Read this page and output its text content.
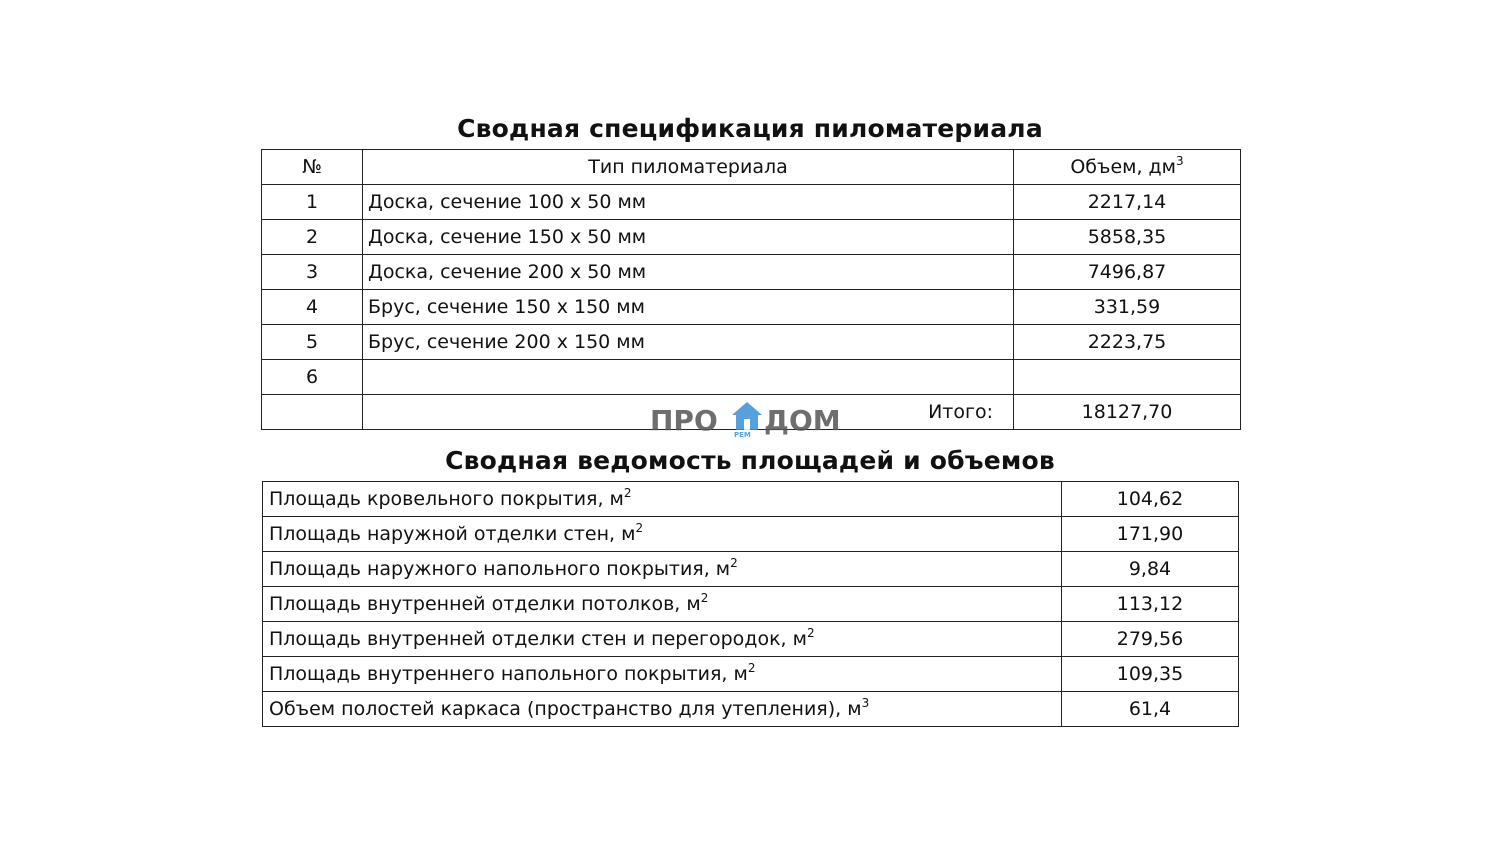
Сводная спецификация пиломатериала
№	Тип пиломатериала	Объем, $дм^3$
1	Доска, сечение 100 х 50 мм	2217,14
2	Доска, сечение 150 х 50 мм	5858,35
3	Доска, сечение 200 х 50 мм	7496,87
4	Брус, сечение 150 х 150 мм	331,59
5	Брус, сечение 200 х 150 мм	2223,75
6		
	Итого:	18127,70
ПРО РЕМ ДОМ
Сводная ведомость площадей и объемов
Площадь кровельного покрытия, $м^2$	104,62
Площадь наружной отделки стен, $м^2$	171,90
Площадь наружного напольного покрытия, $м^2$	9,84
Площадь внутренней отделки потолков, $м^2$	113,12
Площадь внутренней отделки стен и перегородок, $м^2$	279,56
Площадь внутреннего напольного покрытия, $м^2$	109,35
Объем полостей каркаса (пространство для утепления), $м^3$	61,4
